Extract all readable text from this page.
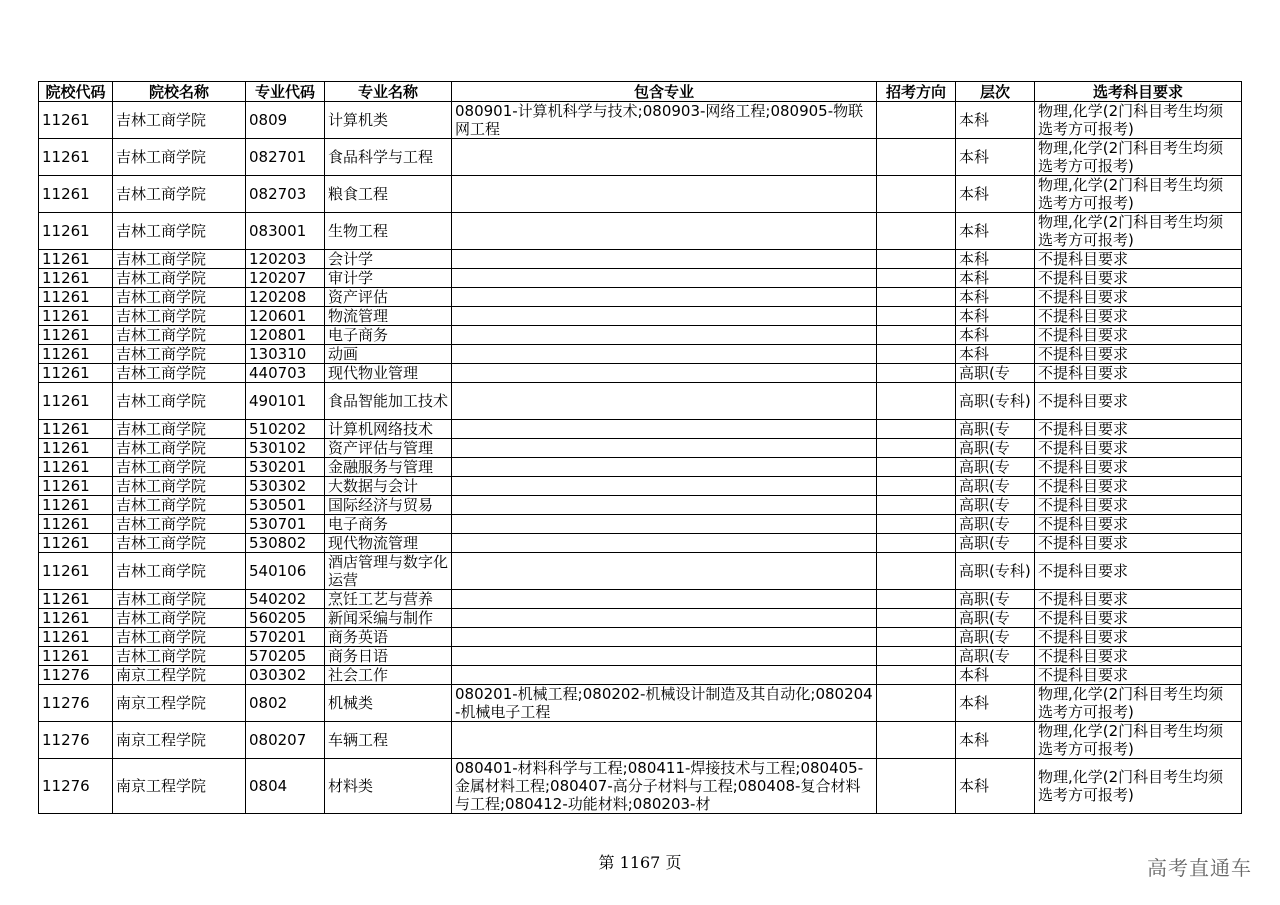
院校代码	院校名称	专业代码	专业名称	包含专业	招考方向	层次	选考科目要求
11261	吉林工商学院	0809	计算机类	080901-计算机科学与技术;080903-网络工程;080905-物联网工程		本科	物理,化学(2门科目考生均须选考方可报考)
11261	吉林工商学院	082701	食品科学与工程			本科	物理,化学(2门科目考生均须选考方可报考)
11261	吉林工商学院	082703	粮食工程			本科	物理,化学(2门科目考生均须选考方可报考)
11261	吉林工商学院	083001	生物工程			本科	物理,化学(2门科目考生均须选考方可报考)
11261	吉林工商学院	120203	会计学			本科	不提科目要求
11261	吉林工商学院	120207	审计学			本科	不提科目要求
11261	吉林工商学院	120208	资产评估			本科	不提科目要求
11261	吉林工商学院	120601	物流管理			本科	不提科目要求
11261	吉林工商学院	120801	电子商务			本科	不提科目要求
11261	吉林工商学院	130310	动画			本科	不提科目要求
11261	吉林工商学院	440703	现代物业管理			高职(专	不提科目要求
11261	吉林工商学院	490101	食品智能加工技术			高职(专科)	不提科目要求
11261	吉林工商学院	510202	计算机网络技术			高职(专	不提科目要求
11261	吉林工商学院	530102	资产评估与管理			高职(专	不提科目要求
11261	吉林工商学院	530201	金融服务与管理			高职(专	不提科目要求
11261	吉林工商学院	530302	大数据与会计			高职(专	不提科目要求
11261	吉林工商学院	530501	国际经济与贸易			高职(专	不提科目要求
11261	吉林工商学院	530701	电子商务			高职(专	不提科目要求
11261	吉林工商学院	530802	现代物流管理			高职(专	不提科目要求
11261	吉林工商学院	540106	酒店管理与数字化运营			高职(专科)	不提科目要求
11261	吉林工商学院	540202	烹饪工艺与营养			高职(专	不提科目要求
11261	吉林工商学院	560205	新闻采编与制作			高职(专	不提科目要求
11261	吉林工商学院	570201	商务英语			高职(专	不提科目要求
11261	吉林工商学院	570205	商务日语			高职(专	不提科目要求
11276	南京工程学院	030302	社会工作			本科	不提科目要求
11276	南京工程学院	0802	机械类	080201-机械工程;080202-机械设计制造及其自动化;080204-机械电子工程		本科	物理,化学(2门科目考生均须选考方可报考)
11276	南京工程学院	080207	车辆工程			本科	物理,化学(2门科目考生均须选考方可报考)
11276	南京工程学院	0804	材料类	080401-材料科学与工程;080411-焊接技术与工程;080405-金属材料工程;080407-高分子材料与工程;080408-复合材料与工程;080412-功能材料;080203-材		本科	物理,化学(2门科目考生均须选考方可报考)
第 1167 页	高考直通车
